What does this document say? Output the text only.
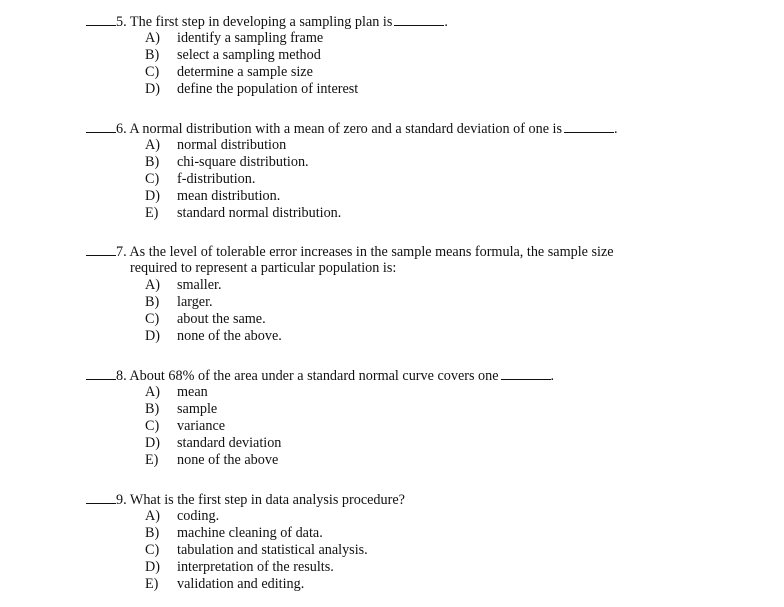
5. The first step in developing a sampling plan is	.
A) identify a sampling frame
B) select a sampling method
C) determine a sample size
D) define the population of interest
6. A normal distribution with a mean of zero and a standard deviation of one is	.
A) normal distribution
B) chi-square distribution.
C) f-distribution.
D) mean distribution.
E) standard normal distribution.
7. As the level of tolerable error increases in the sample means formula, the sample size
required to represent a particular population is:
A) smaller.
B) larger.
C) about the same.
D) none of the above.
8. About 68% of the area under a standard normal curve covers one	.
A) mean
B) sample
C) variance
D) standard deviation
E) none of the above
9. What is the first step in data analysis procedure?
A) coding.
B) machine cleaning of data.
C) tabulation and statistical analysis.
D) interpretation of the results.
E) validation and editing.
